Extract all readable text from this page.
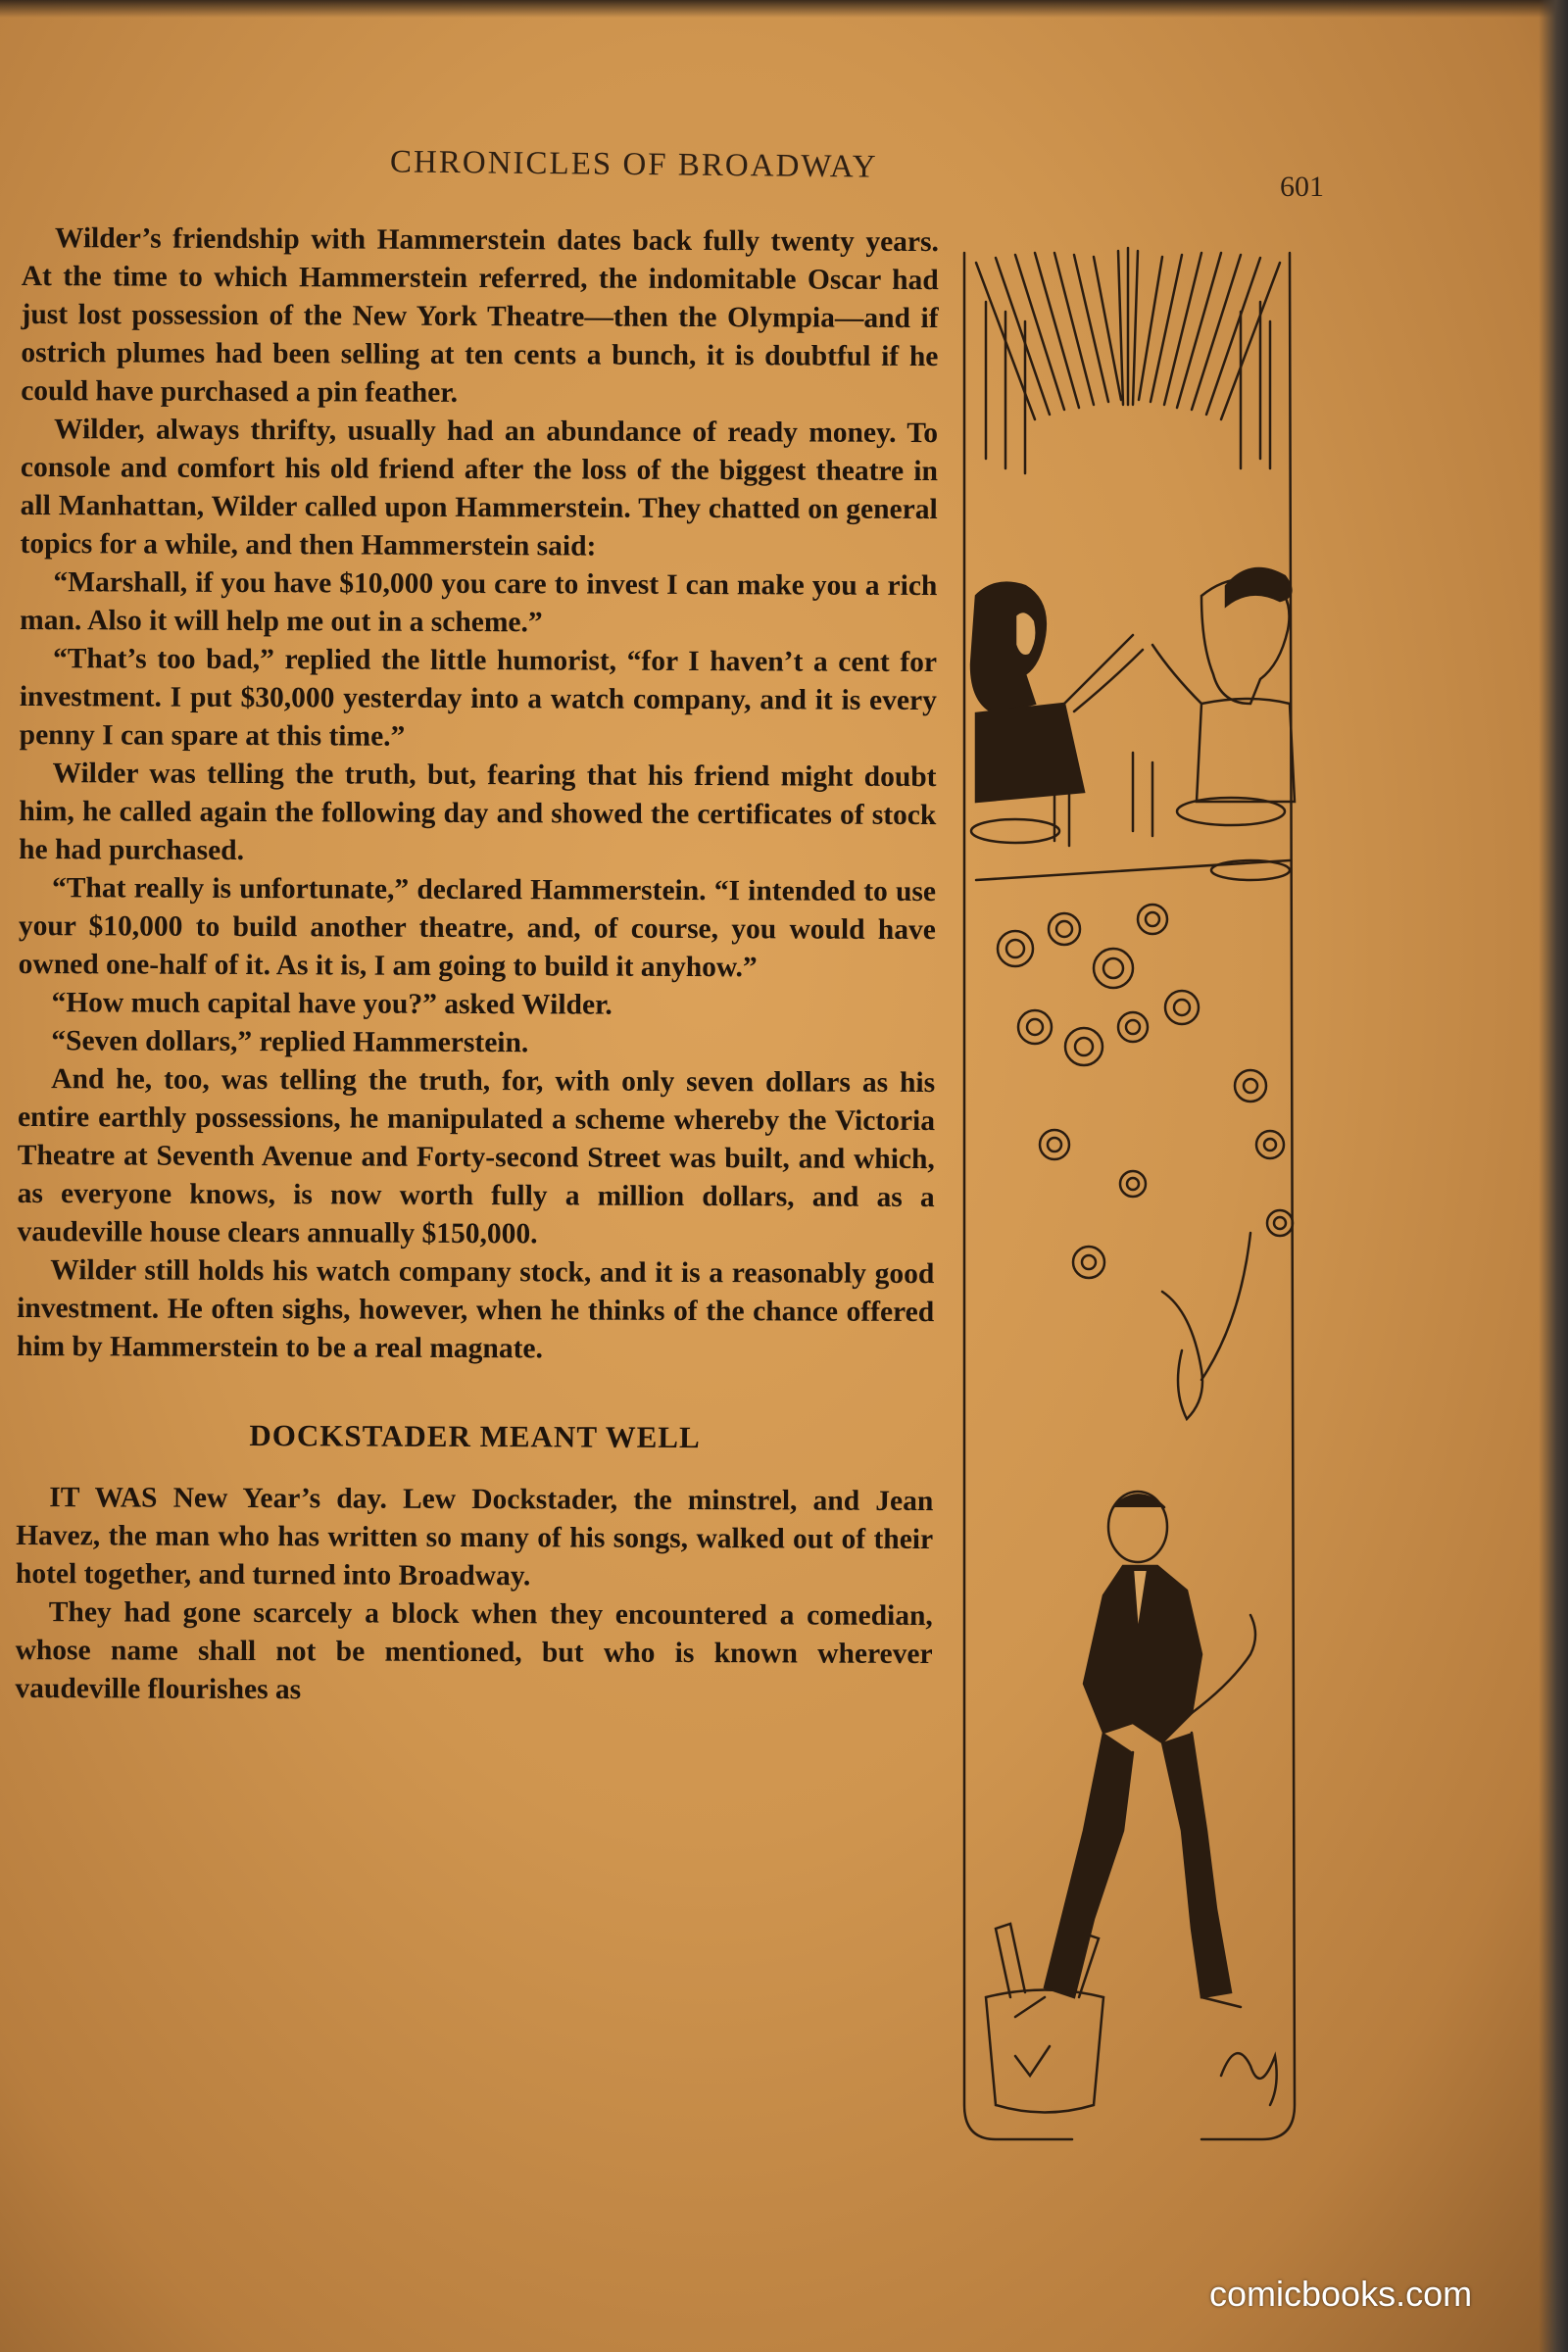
CHRONICLES OF BROADWAY
601

Wilder’s friendship with Hammerstein dates back fully twenty years. At the time to which Hammerstein referred, the indomitable Oscar had just lost possession of the New York Theatre—then the Olympia—and if ostrich plumes had been selling at ten cents a bunch, it is doubtful if he could have purchased a pin feather.

Wilder, always thrifty, usually had an abundance of ready money. To console and comfort his old friend after the loss of the biggest theatre in all Manhattan, Wilder called upon Hammerstein. They chatted on general topics for a while, and then Hammerstein said:

“Marshall, if you have $10,000 you care to invest I can make you a rich man. Also it will help me out in a scheme.”

“That’s too bad,” replied the little humorist, “for I haven’t a cent for investment. I put $30,000 yesterday into a watch company, and it is every penny I can spare at this time.”

Wilder was telling the truth, but, fearing that his friend might doubt him, he called again the following day and showed the certificates of stock he had purchased.

“That really is unfortunate,” declared Hammerstein. “I intended to use your $10,000 to build another theatre, and, of course, you would have owned one-half of it. As it is, I am going to build it anyhow.”

“How much capital have you?” asked Wilder.

“Seven dollars,” replied Hammerstein.

And he, too, was telling the truth, for, with only seven dollars as his entire earthly possessions, he manipulated a scheme whereby the Victoria Theatre at Seventh Avenue and Forty-second Street was built, and which, as everyone knows, is now worth fully a million dollars, and as a vaudeville house clears annually $150,000.

Wilder still holds his watch company stock, and it is a reasonably good investment. He often sighs, however, when he thinks of the chance offered him by Hammerstein to be a real magnate.

DOCKSTADER MEANT WELL

IT WAS New Year’s day. Lew Dockstader, the minstrel, and Jean Havez, the man who has written so many of his songs, walked out of their hotel together, and turned into Broadway.

They had gone scarcely a block when they encountered a comedian, whose name shall not be mentioned, but who is known wherever vaudeville flourishes as

comicbooks.com
